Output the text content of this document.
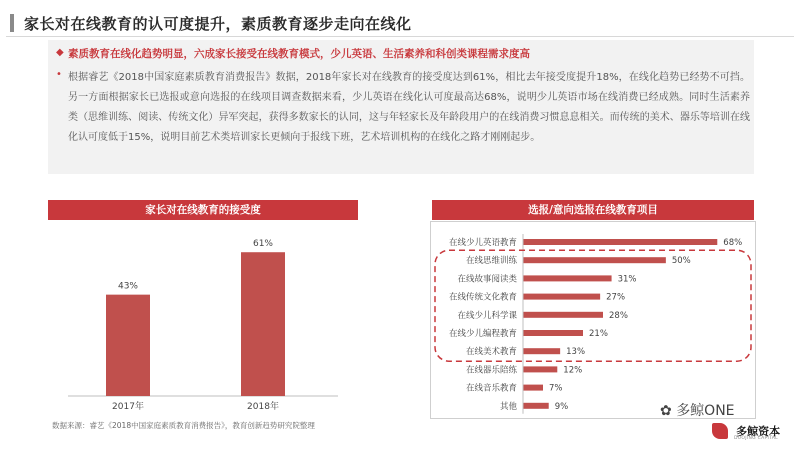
家长对在线教育的认可度提升，素质教育逐步走向在线化
◆ 素质教育在线化趋势明显，六成家长接受在线教育模式，少儿英语、生活素养和科创类课程需求度高
• 根据睿艺《2018中国家庭素质教育消费报告》数据，2018年家长对在线教育的接受度达到61%，相比去年接受度提升18%，在线化趋势已经势不可挡。另一方面根据家长已选报或意向选报的在线项目调查数据来看，少儿英语在线化认可度最高达68%，说明少儿英语市场在线消费已经成熟。同时生活素养类（思维训练、阅读、传统文化）异军突起，获得多数家长的认同，这与年轻家长及年龄段用户的在线消费习惯息息相关。而传统的美术、器乐等培训在线化认可度低于15%，说明目前艺术类培训家长更倾向于报线下班，艺术培训机构的在线化之路才刚刚起步。
家长对在线教育的接受度
43%
2017年
61%
2018年
选报/意向选报在线教育项目
在线少儿英语教育	68%
在线思维训练	50%
在线故事阅读类	31%
在线传统文化教育	27%
在线少儿科学课	28%
在线少儿编程教育	21%
在线美术教育	13%
在线器乐陪练	12%
在线音乐教育	7%
其他	9%
数据来源：睿艺《2018中国家庭素质教育消费报告》，教育创新趋势研究院整理
✿ 多鲸ONE
多鲸资本
DUOJING CAPITAL
